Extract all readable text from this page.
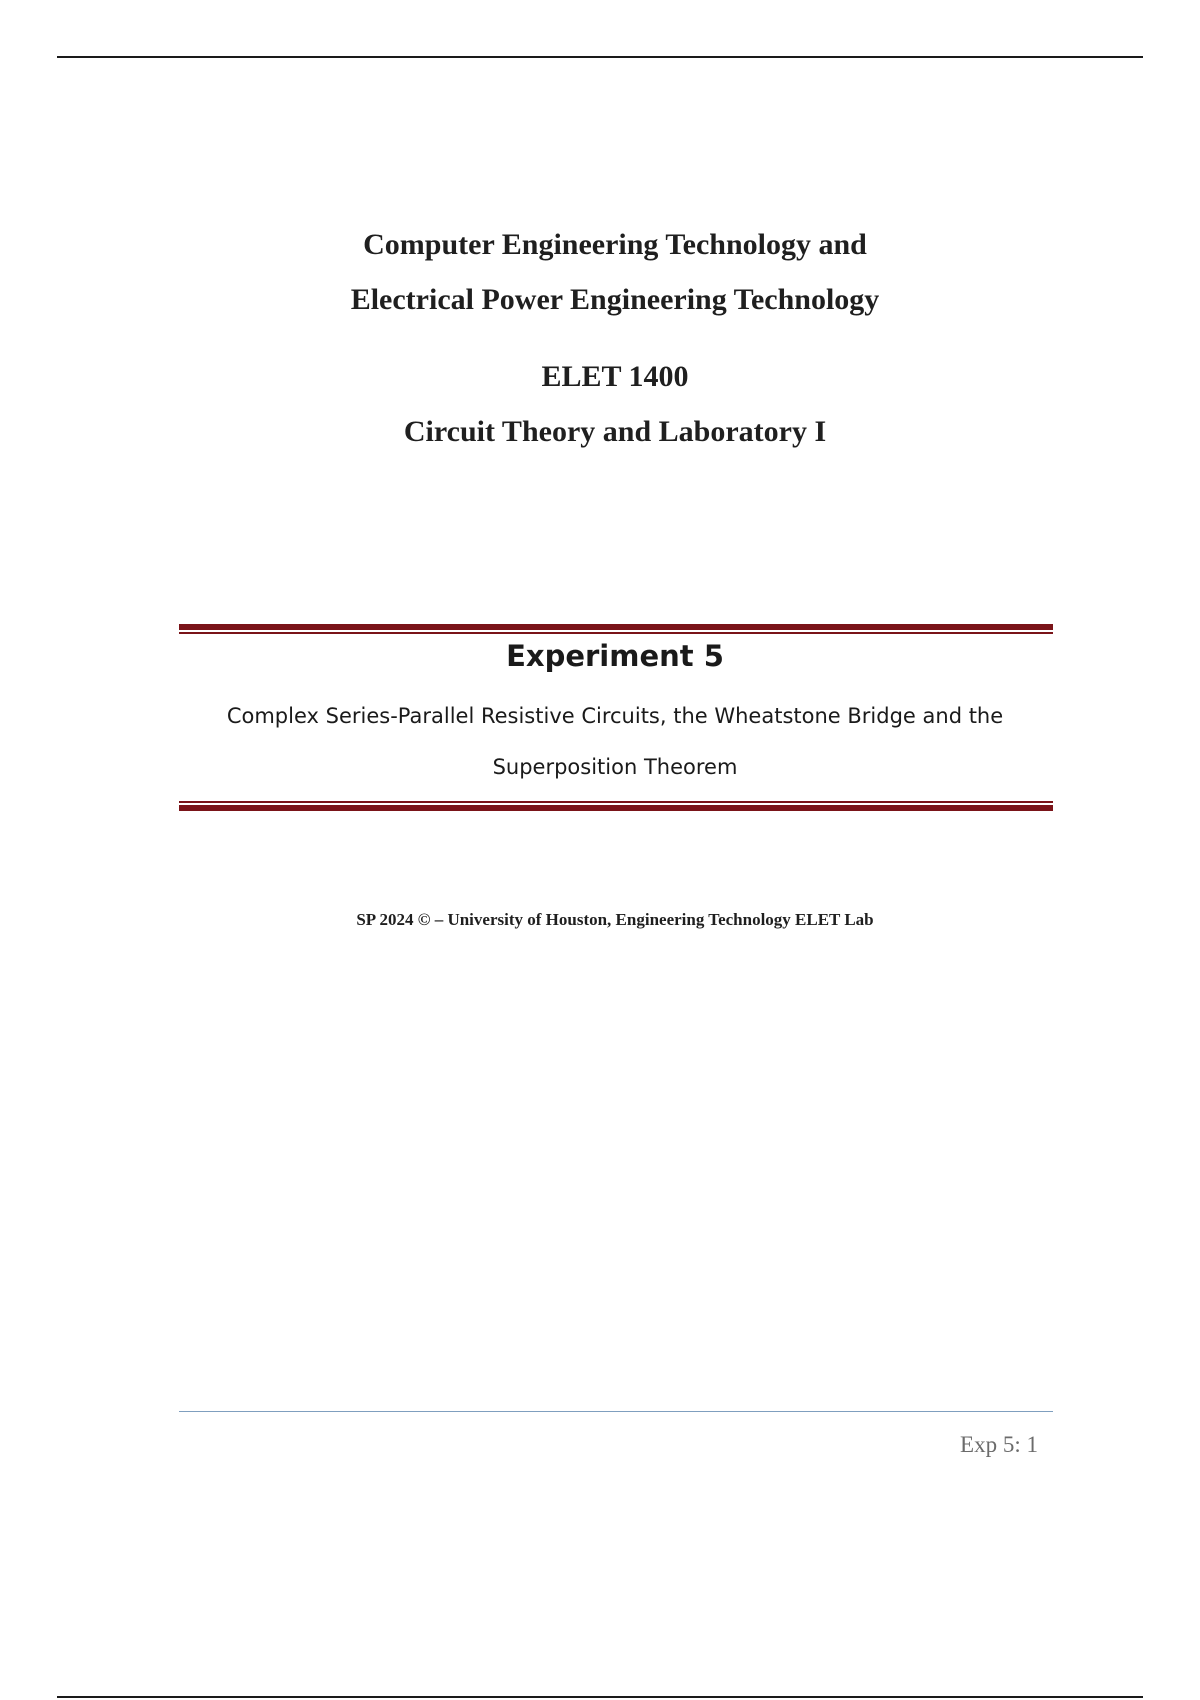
Computer Engineering Technology and
Electrical Power Engineering Technology
ELET 1400
Circuit Theory and Laboratory I
Experiment 5
Complex Series-Parallel Resistive Circuits, the Wheatstone Bridge and the
Superposition Theorem
SP 2024 © – University of Houston, Engineering Technology ELET Lab
Exp 5: 1
